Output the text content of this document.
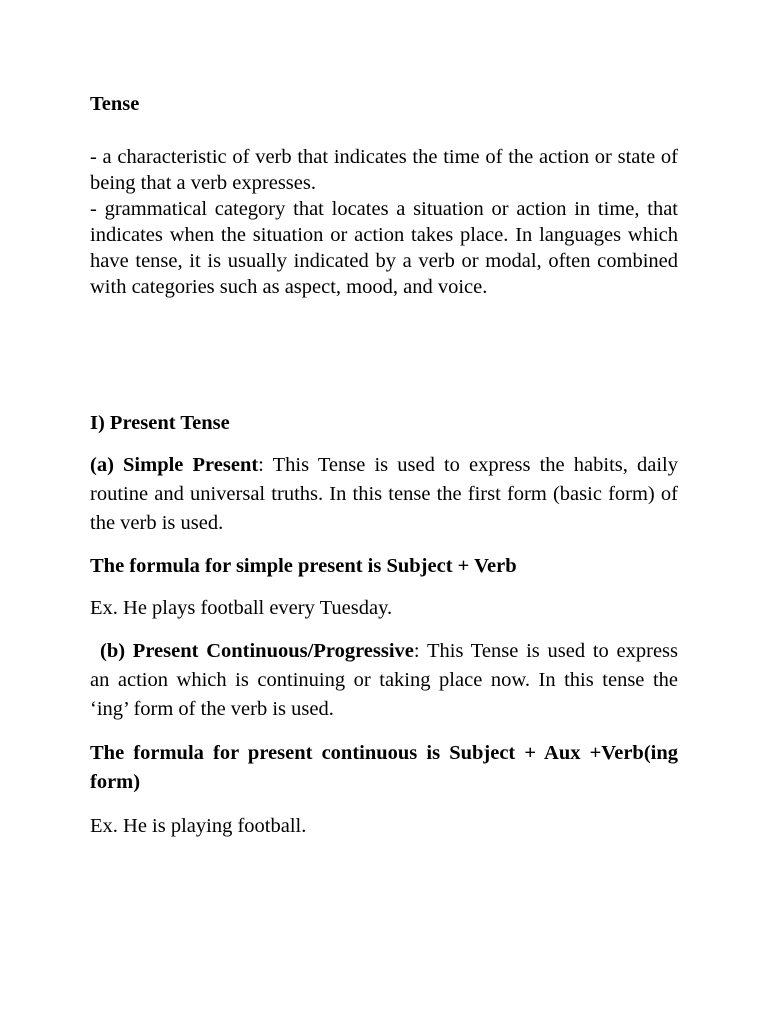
Tense

- a characteristic of verb that indicates the time of the action or state of being that a verb expresses.
- grammatical category that locates a situation or action in time, that indicates when the situation or action takes place. In languages which have tense, it is usually indicated by a verb or modal, often combined with categories such as aspect, mood, and voice.

I) Present Tense

(a) Simple Present: This Tense is used to express the habits, daily routine and universal truths. In this tense the first form (basic form) of the verb is used.

The formula for simple present is Subject + Verb

Ex. He plays football every Tuesday.

(b) Present Continuous/Progressive: This Tense is used to express an action which is continuing or taking place now. In this tense the ‘ing’ form of the verb is used.

The formula for present continuous is Subject + Aux +Verb(ing form)

Ex. He is playing football.
